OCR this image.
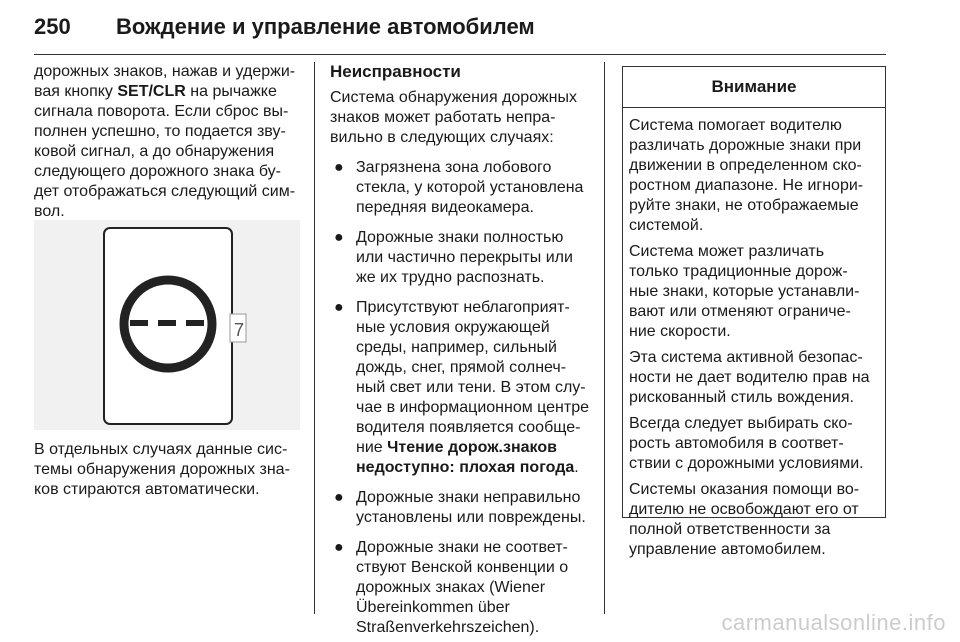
250 Вождение и управление автомобилем
дорожных знаков, нажав и удержи-
вая кнопку SET/CLR на рычажке
сигнала поворота. Если сброс вы-
полнен успешно, то подается зву-
ковой сигнал, а до обнаружения
следующего дорожного знака бу-
дет отображаться следующий сим-
вол.
7
В отдельных случаях данные сис-
темы обнаружения дорожных зна-
ков стираются автоматически.
Неисправности
Система обнаружения дорожных
знаков может работать непра-
вильно в следующих случаях:
● Загрязнена зона лобового
стекла, у которой установлена
передняя видеокамера.
● Дорожные знаки полностью
или частично перекрыты или
же их трудно распознать.
● Присутствуют неблагоприят-
ные условия окружающей
среды, например, сильный
дождь, снег, прямой солнеч-
ный свет или тени. В этом слу-
чае в информационном центре
водителя появляется сообще-
ние Чтение дорож.знаков
недоступно: плохая погода.
● Дорожные знаки неправильно
установлены или повреждены.
● Дорожные знаки не соответ-
ствуют Венской конвенции о
дорожных знаках (Wiener
Übereinkommen über
Straßenverkehrszeichen).
Внимание
Система помогает водителю
различать дорожные знаки при
движении в определенном ско-
ростном диапазоне. Не игнори-
руйте знаки, не отображаемые
системой.
Система может различать
только традиционные дорож-
ные знаки, которые устанавли-
вают или отменяют ограниче-
ние скорости.
Эта система активной безопас-
ности не дает водителю прав на
рискованный стиль вождения.
Всегда следует выбирать ско-
рость автомобиля в соответ-
ствии с дорожными условиями.
Системы оказания помощи во-
дителю не освобождают его от
полной ответственности за
управление автомобилем.
carmanualsonline.info
